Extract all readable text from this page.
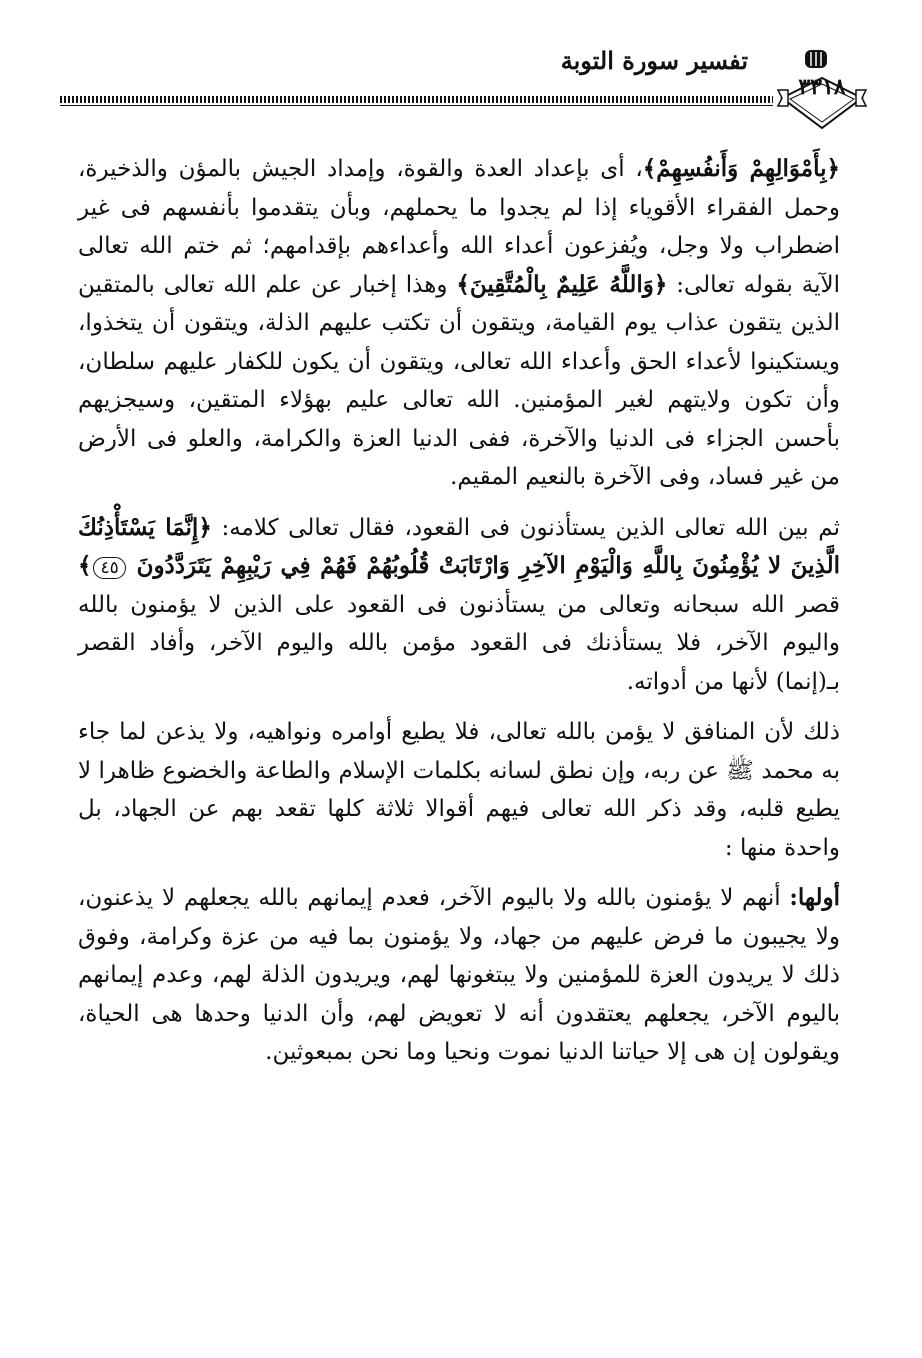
تفسير سورة التوبة
٣٣١٨

﴿بِأَمْوَالِهِمْ وَأَنفُسِهِمْ﴾، أى بإعداد العدة والقوة، وإمداد الجيش بالمؤن والذخيرة، وحمل الفقراء الأقوياء إذا لم يجدوا ما يحملهم، وبأن يتقدموا بأنفسهم فى غير اضطراب ولا وجل، ويُفزعون أعداء الله وأعداءهم بإقدامهم؛ ثم ختم الله تعالى الآية بقوله تعالى: ﴿وَاللَّهُ عَلِيمٌ بِالْمُتَّقِينَ﴾ وهذا إخبار عن علم الله تعالى بالمتقين الذين يتقون عذاب يوم القيامة، ويتقون أن تكتب عليهم الذلة، ويتقون أن يتخذوا، ويستكينوا لأعداء الحق وأعداء الله تعالى، ويتقون أن يكون للكفار عليهم سلطان، وأن تكون ولايتهم لغير المؤمنين. الله تعالى عليم بهؤلاء المتقين، وسيجزيهم بأحسن الجزاء فى الدنيا والآخرة، ففى الدنيا العزة والكرامة، والعلو فى الأرض من غير فساد، وفى الآخرة بالنعيم المقيم.

ثم بين الله تعالى الذين يستأذنون فى القعود، فقال تعالى كلامه: ﴿إِنَّمَا يَسْتَأْذِنُكَ الَّذِينَ لا يُؤْمِنُونَ بِاللَّهِ وَالْيَوْمِ الآخِرِ وَارْتَابَتْ قُلُوبُهُمْ فَهُمْ فِي رَيْبِهِمْ يَتَرَدَّدُونَ ٤٥﴾ قصر الله سبحانه وتعالى من يستأذنون فى القعود على الذين لا يؤمنون بالله واليوم الآخر، فلا يستأذنك فى القعود مؤمن بالله واليوم الآخر، وأفاد القصر بـ(إنما) لأنها من أدواته.

ذلك لأن المنافق لا يؤمن بالله تعالى، فلا يطيع أوامره ونواهيه، ولا يذعن لما جاء به محمد ﷺ عن ربه، وإن نطق لسانه بكلمات الإسلام والطاعة والخضوع ظاهرا لا يطيع قلبه، وقد ذكر الله تعالى فيهم أقوالا ثلاثة كلها تقعد بهم عن الجهاد، بل واحدة منها :

أولها: أنهم لا يؤمنون بالله ولا باليوم الآخر، فعدم إيمانهم بالله يجعلهم لا يذعنون، ولا يجيبون ما فرض عليهم من جهاد، ولا يؤمنون بما فيه من عزة وكرامة، وفوق ذلك لا يريدون العزة للمؤمنين ولا يبتغونها لهم، ويريدون الذلة لهم، وعدم إيمانهم باليوم الآخر، يجعلهم يعتقدون أنه لا تعويض لهم، وأن الدنيا وحدها هى الحياة، ويقولون إن هى إلا حياتنا الدنيا نموت ونحيا وما نحن بمبعوثين.
